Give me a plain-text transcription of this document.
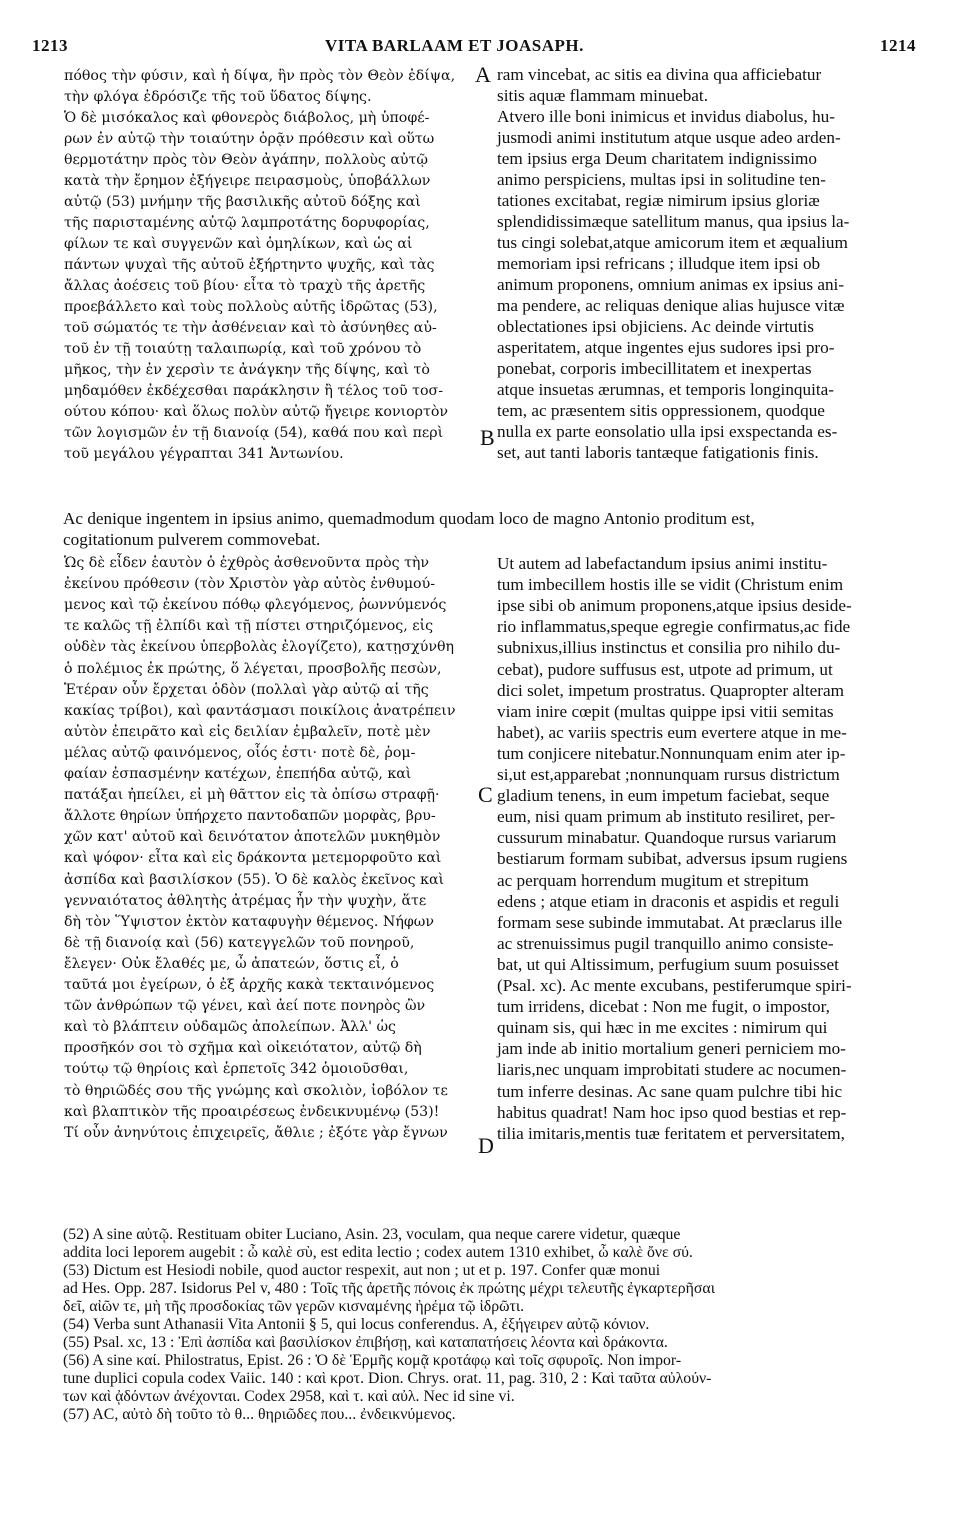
1213	VITA BARLAAM ET JOASAPH.	1214
A
B
C
D
πόθος τὴν φύσιν, καὶ ἡ δίψα, ἣν πρὸς τὸν Θεὸν ἐδίψα,
τὴν φλόγα ἐδρόσιζε τῆς τοῦ ὕδατος δίψης.
Ὁ δὲ μισόκαλος καὶ φθονερὸς διάβολος, μὴ ὑποφέ-
ρων ἐν αὐτῷ τὴν τοιαύτην ὁρᾷν πρόθεσιν καὶ οὕτω
θερμοτάτην πρὸς τὸν Θεὸν ἀγάπην, πολλοὺς αὐτῷ
κατὰ τὴν ἔρημον ἐξήγειρε πειρασμοὺς, ὑποβάλλων
αὐτῷ (53) μνήμην τῆς βασιλικῆς αὐτοῦ δόξης καὶ
τῆς παρισταμένης αὐτῷ λαμπροτάτης δορυφορίας,
φίλων τε καὶ συγγενῶν καὶ ὁμηλίκων, καὶ ὡς αἱ
πάντων ψυχαὶ τῆς αὐτοῦ ἐξήρτηντο ψυχῆς, καὶ τὰς
ἄλλας ἀοέσεις τοῦ βίου· εἶτα τὸ τραχὺ τῆς ἀρετῆς
προεβάλλετο καὶ τοὺς πολλοὺς αὐτῆς ἱδρῶτας (53),
τοῦ σώματός τε τὴν ἀσθένειαν καὶ τὸ ἀσύνηθες αὐ-
τοῦ ἐν τῇ τοιαύτῃ ταλαιπωρίᾳ, καὶ τοῦ χρόνου τὸ
μῆκος, τὴν ἐν χερσὶν τε ἀνάγκην τῆς δίψης, καὶ τὸ
μηδαμόθεν ἐκδέχεσθαι παράκλησιν ἢ τέλος τοῦ τοσ-
ούτου κόπου· καὶ ὅλως πολὺν αὐτῷ ἤγειρε κονιορτὸν
τῶν λογισμῶν ἐν τῇ διανοίᾳ (54), καθά που καὶ περὶ
τοῦ μεγάλου γέγραπται 341 Ἀντωνίου.
ram vincebat, ac sitis ea divina qua afficiebatur
sitis aquæ flammam minuebat.
Atvero ille boni inimicus et invidus diabolus, hu-
jusmodi animi institutum atque usque adeo arden-
tem ipsius erga Deum charitatem indignissimo
animo perspiciens, multas ipsi in solitudine ten-
tationes excitabat, regiæ nimirum ipsius gloriæ
splendidissimæque satellitum manus, qua ipsius la-
tus cingi solebat,atque amicorum item et æqualium
memoriam ipsi refricans ; illudque item ipsi ob
animum proponens, omnium animas ex ipsius ani-
ma pendere, ac reliquas denique alias hujusce vitæ
oblectationes ipsi objiciens. Ac deinde virtutis
asperitatem, atque ingentes ejus sudores ipsi pro-
ponebat, corporis imbecillitatem et inexpertas
atque insuetas ærumnas, et temporis longinquita-
tem, ac præsentem sitis oppressionem, quodque
nulla ex parte eonsolatio ulla ipsi exspectanda es-
set, aut tanti laboris tantæque fatigationis finis.
Ac denique ingentem in ipsius animo, quemadmodum quodam loco de magno Antonio proditum est,
cogitationum pulverem commovebat.
Ὡς δὲ εἶδεν ἑαυτὸν ὁ ἐχθρὸς ἀσθενοῦντα πρὸς τὴν
ἐκείνου πρόθεσιν (τὸν Χριστὸν γὰρ αὐτὸς ἐνθυμού-
μενος καὶ τῷ ἐκείνου πόθῳ φλεγόμενος, ῥωννύμενός
τε καλῶς τῇ ἐλπίδι καὶ τῇ πίστει στηριζόμενος, εἰς
οὐδὲν τὰς ἐκείνου ὑπερβολὰς ἐλογίζετο), κατῃσχύνθη
ὁ πολέμιος ἐκ πρώτης, ὅ λέγεται, προσβολῆς πεσὼν,
Ἑτέραν οὖν ἔρχεται ὁδὸν (πολλαὶ γὰρ αὐτῷ αἱ τῆς
κακίας τρίβοι), καὶ φαντάσμασι ποικίλοις ἀνατρέπειν
αὐτὸν ἐπειρᾶτο καὶ εἰς δειλίαν ἐμβαλεῖν, ποτὲ μὲν
μέλας αὐτῷ φαινόμενος, οἷός ἐστι· ποτὲ δὲ, ῥομ-
φαίαν ἐσπασμένην κατέχων, ἐπεπήδα αὐτῷ, καὶ
πατάξαι ἠπείλει, εἰ μὴ θᾶττον εἰς τὰ ὀπίσω στραφῇ·
ἄλλοτε θηρίων ὑπήρχετο παντοδαπῶν μορφὰς, βρυ-
χῶν κατ' αὐτοῦ καὶ δεινότατον ἀποτελῶν μυκηθμὸν
καὶ ψόφον· εἶτα καὶ εἰς δράκοντα μετεμορφοῦτο καὶ
ἀσπίδα καὶ βασιλίσκον (55). Ὁ δὲ καλὸς ἐκεῖνος καὶ
γενναιότατος ἀθλητὴς ἀτρέμας ἦν τὴν ψυχὴν, ἅτε
δὴ τὸν Ὕψιστον ἐκτὸν καταφυγὴν θέμενος. Νήφων
δὲ τῇ διανοίᾳ καὶ (56) κατεγγελῶν τοῦ πονηροῦ,
ἔλεγεν· Οὐκ ἔλαθές με, ὦ ἀπατεών, ὅστις εἶ, ὁ
ταῦτά μοι ἐγείρων, ὁ ἐξ ἀρχῆς κακὰ τεκταινόμενος
τῶν ἀνθρώπων τῷ γένει, καὶ ἀεί ποτε πονηρὸς ὢν
καὶ τὸ βλάπτειν οὐδαμῶς ἀπολείπων. Ἀλλ' ὡς
προσῆκόν σοι τὸ σχῆμα καὶ οἰκειότατον, αὐτῷ δὴ
τούτῳ τῷ θηρίοις καὶ ἑρπετοῖς 342 ὁμοιοῦσθαι,
τὸ θηριῶδές σου τῆς γνώμης καὶ σκολιὸν, ἰοβόλον τε
καὶ βλαπτικὸν τῆς προαιρέσεως ἐνδεικνυμένῳ (53)!
Τί οὖν ἀνηνύτοις ἐπιχειρεῖς, ἄθλιε ; ἐξότε γὰρ ἔγνων
Ut autem ad labefactandum ipsius animi institu-
tum imbecillem hostis ille se vidit (Christum enim
ipse sibi ob animum proponens,atque ipsius deside-
rio inflammatus,speque egregie confirmatus,ac fide
subnixus,illius instinctus et consilia pro nihilo du-
cebat), pudore suffusus est, utpote ad primum, ut
dici solet, impetum prostratus. Quapropter alteram
viam inire cœpit (multas quippe ipsi vitii semitas
habet), ac variis spectris eum evertere atque in me-
tum conjicere nitebatur.Nonnunquam enim ater ip-
si,ut est,apparebat ;nonnunquam rursus districtum
gladium tenens, in eum impetum faciebat, seque
eum, nisi quam primum ab instituto resiliret, per-
cussurum minabatur. Quandoque rursus variarum
bestiarum formam subibat, adversus ipsum rugiens
ac perquam horrendum mugitum et strepitum
edens ; atque etiam in draconis et aspidis et reguli
formam sese subinde immutabat. At præclarus ille
ac strenuissimus pugil tranquillo animo consiste-
bat, ut qui Altissimum, perfugium suum posuisset
(Psal. xc). Ac mente excubans, pestiferumque spiri-
tum irridens, dicebat : Non me fugit, o impostor,
quinam sis, qui hæc in me excites : nimirum qui
jam inde ab initio mortalium generi perniciem mo-
liaris,nec unquam improbitati studere ac nocumen-
tum inferre desinas. Ac sane quam pulchre tibi hic
habitus quadrat! Nam hoc ipso quod bestias et rep-
tilia imitaris,mentis tuæ feritatem et perversitatem,
(52) A sine αὐτῷ. Restituam obiter Luciano, Asin. 23, voculam, qua neque carere videtur, quæque
addita loci leporem augebit : ὦ καλὲ σὺ, est edita lectio ; codex autem 1310 exhibet, ὦ καλὲ ὄνε σύ.
(53) Dictum est Hesiodi nobile, quod auctor respexit, aut non ; ut et p. 197. Confer quæ monui
ad Hes. Opp. 287. Isidorus Pel v, 480 : Τοῖς τῆς ἀρετῆς πόνοις ἐκ πρώτης μέχρι τελευτῆς ἐγκαρτερῆσαι
δεῖ, αἰῶν τε, μὴ τῆς προσδοκίας τῶν γερῶν κισναμένης ἠρέμα τῷ ἱδρῶτι.
(54) Verba sunt Athanasii Vita Antonii § 5, qui locus conferendus. A, ἐξήγειρεν αὐτῷ κόνιον.
(55) Psal. xc, 13 : Ἐπὶ ἀσπίδα καὶ βασιλίσκον ἐπιβήσῃ, καὶ καταπατήσεις λέοντα καὶ δράκοντα.
(56) A sine καί. Philostratus, Epist. 26 : Ὁ δὲ Ἑρμῆς κομᾷ κροτάφῳ καὶ τοῖς σφυροῖς. Non impor-
tune duplici copula codex Vaiic. 140 : καὶ κροτ. Dion. Chrys. orat. 11, pag. 310, 2 : Καὶ ταῦτα αὐλούν-
των καὶ ᾀδόντων ἀνέχονται. Codex 2958, καὶ τ. καὶ αὐλ. Nec id sine vi.
(57) AC, αὐτὸ δὴ τοῦτο τὸ θ... θηριῶδες που... ἐνδεικνύμενος.
